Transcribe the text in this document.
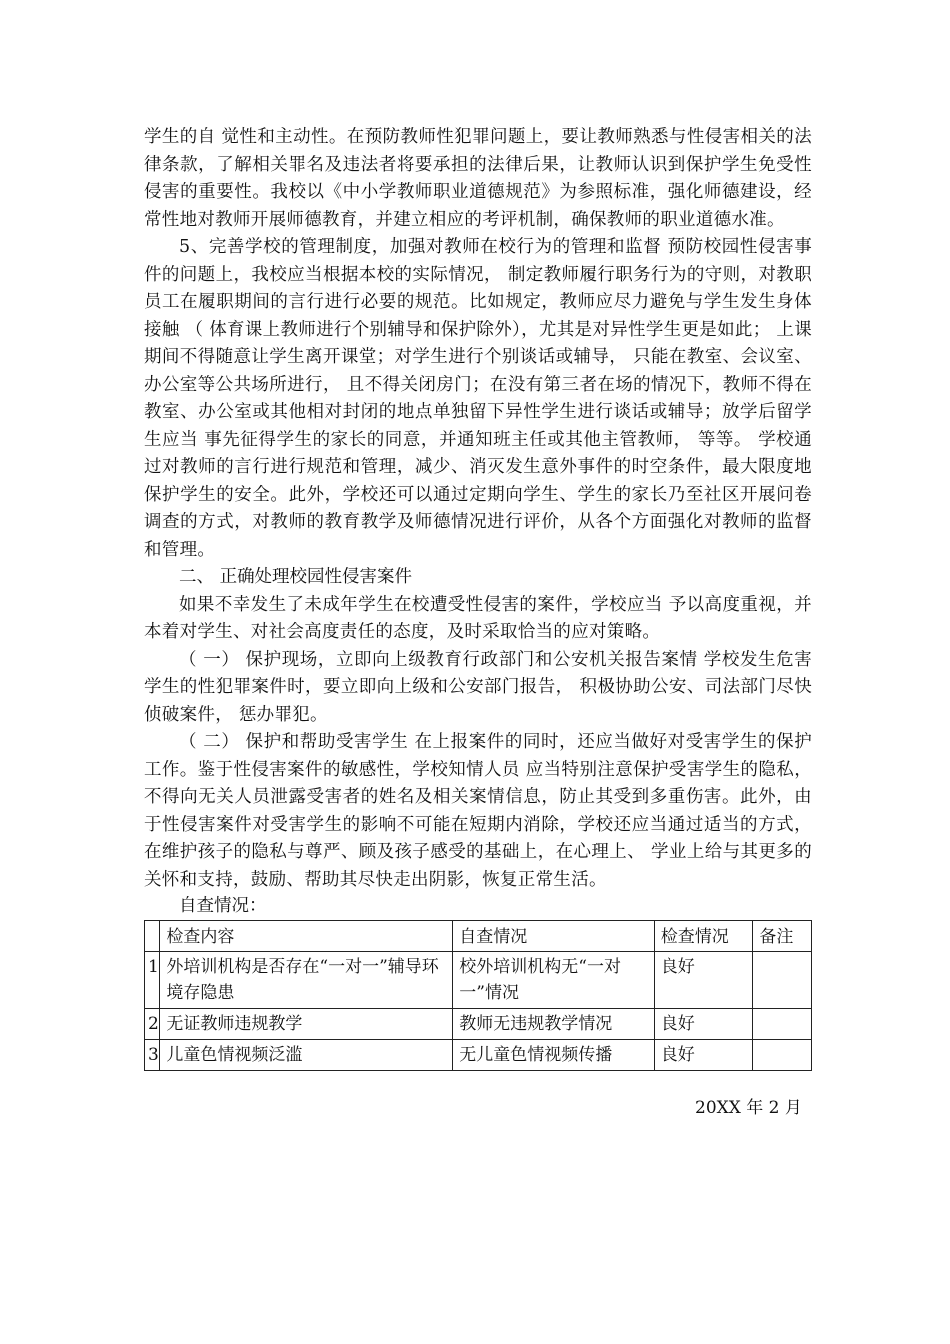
学生的自 觉性和主动性。在预防教师性犯罪问题上，要让教师熟悉与性侵害相关的法律条款，了解相关罪名及违法者将要承担的法律后果，让教师认识到保护学生免受性侵害的重要性。我校以《中小学教师职业道德规范》为参照标准，强化师德建设，经常性地对教师开展师德教育，并建立相应的考评机制，确保教师的职业道德水准。

5、完善学校的管理制度，加强对教师在校行为的管理和监督 预防校园性侵害事件的问题上，我校应当根据本校的实际情况， 制定教师履行职务行为的守则，对教职员工在履职期间的言行进行必要的规范。比如规定，教师应尽力避免与学生发生身体接触 （ 体育课上教师进行个别辅导和保护除外），尤其是对异性学生更是如此； 上课期间不得随意让学生离开课堂；对学生进行个别谈话或辅导， 只能在教室、会议室、 办公室等公共场所进行， 且不得关闭房门；在没有第三者在场的情况下，教师不得在教室、办公室或其他相对封闭的地点单独留下异性学生进行谈话或辅导；放学后留学生应当 事先征得学生的家长的同意，并通知班主任或其他主管教师， 等等。 学校通过对教师的言行进行规范和管理，减少、消灭发生意外事件的时空条件，最大限度地保护学生的安全。此外，学校还可以通过定期向学生、学生的家长乃至社区开展问卷调查的方式，对教师的教育教学及师德情况进行评价，从各个方面强化对教师的监督和管理。

二、 正确处理校园性侵害案件

如果不幸发生了未成年学生在校遭受性侵害的案件，学校应当 予以高度重视，并本着对学生、对社会高度责任的态度，及时采取恰当的应对策略。

（ 一） 保护现场，立即向上级教育行政部门和公安机关报告案情 学校发生危害学生的性犯罪案件时，要立即向上级和公安部门报告， 积极协助公安、司法部门尽快侦破案件， 惩办罪犯。

（ 二） 保护和帮助受害学生 在上报案件的同时，还应当做好对受害学生的保护工作。鉴于性侵害案件的敏感性，学校知情人员 应当特别注意保护受害学生的隐私，不得向无关人员泄露受害者的姓名及相关案情信息，防止其受到多重伤害。此外，由于性侵害案件对受害学生的影响不可能在短期内消除，学校还应当通过适当的方式，在维护孩子的隐私与尊严、顾及孩子感受的基础上，在心理上、 学业上给与其更多的关怀和支持，鼓励、帮助其尽快走出阴影，恢复正常生活。

自查情况：

	检查内容	自查情况	检查情况	备注
1	外培训机构是否存在“一对一”辅导环境存隐患	校外培训机构无“一对一”情况	良好	
2	无证教师违规教学	教师无违规教学情况	良好	
3	儿童色情视频泛滥	无儿童色情视频传播	良好	
20XX 年 2 月
